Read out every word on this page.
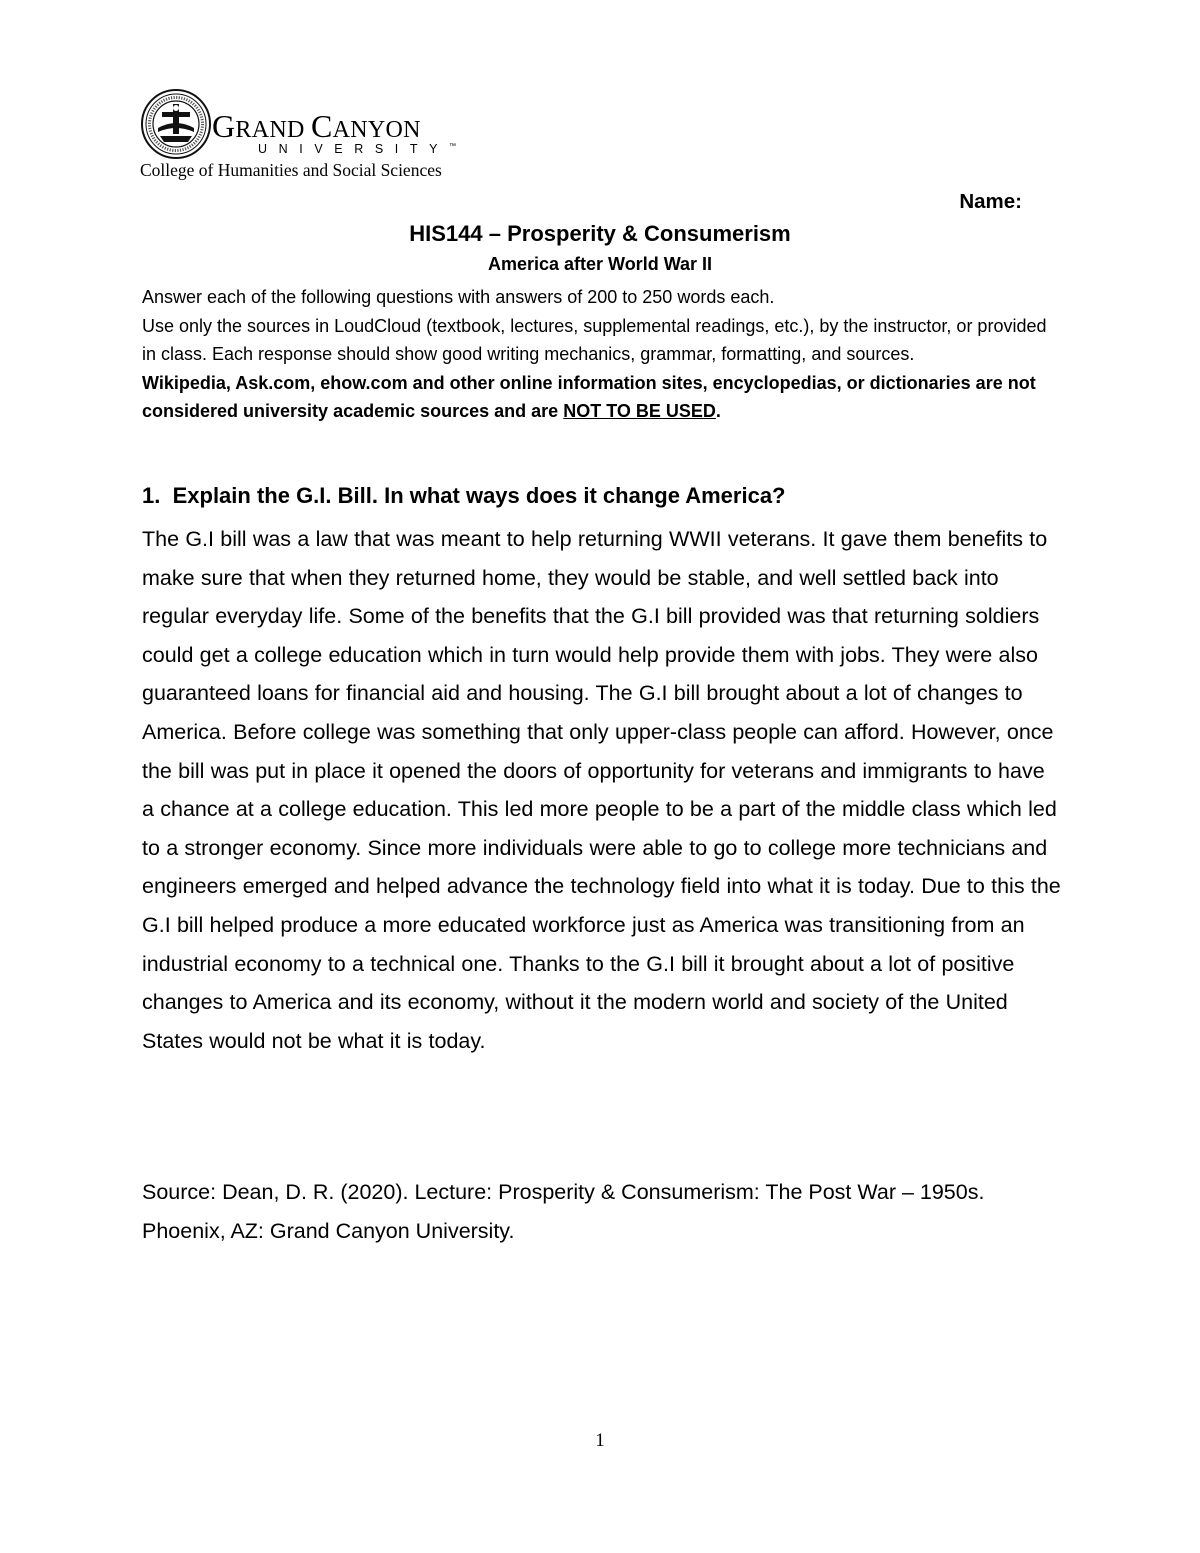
GRAND CANYON
UNIVERSITY™
College of Humanities and Social Sciences
Name:
HIS144 – Prosperity & Consumerism
America after World War II

Answer each of the following questions with answers of 200 to 250 words each.

Use only the sources in LoudCloud (textbook, lectures, supplemental readings, etc.), by the instructor, or provided in class. Each response should show good writing mechanics, grammar, formatting, and sources.

Wikipedia, Ask.com, ehow.com and other online information sites, encyclopedias, or dictionaries are not considered university academic sources and are NOT TO BE USED.

1. Explain the G.I. Bill. In what ways does it change America?
The G.I bill was a law that was meant to help returning WWII veterans. It gave them benefits to make sure that when they returned home, they would be stable, and well settled back into regular everyday life. Some of the benefits that the G.I bill provided was that returning soldiers could get a college education which in turn would help provide them with jobs. They were also guaranteed loans for financial aid and housing. The G.I bill brought about a lot of changes to America. Before college was something that only upper-class people can afford. However, once the bill was put in place it opened the doors of opportunity for veterans and immigrants to have a chance at a college education. This led more people to be a part of the middle class which led to a stronger economy. Since more individuals were able to go to college more technicians and engineers emerged and helped advance the technology field into what it is today. Due to this the G.I bill helped produce a more educated workforce just as America was transitioning from an industrial economy to a technical one. Thanks to the G.I bill it brought about a lot of positive changes to America and its economy, without it the modern world and society of the United States would not be what it is today.
Source: Dean, D. R. (2020). Lecture: Prosperity & Consumerism: The Post War – 1950s. Phoenix, AZ: Grand Canyon University.
1
